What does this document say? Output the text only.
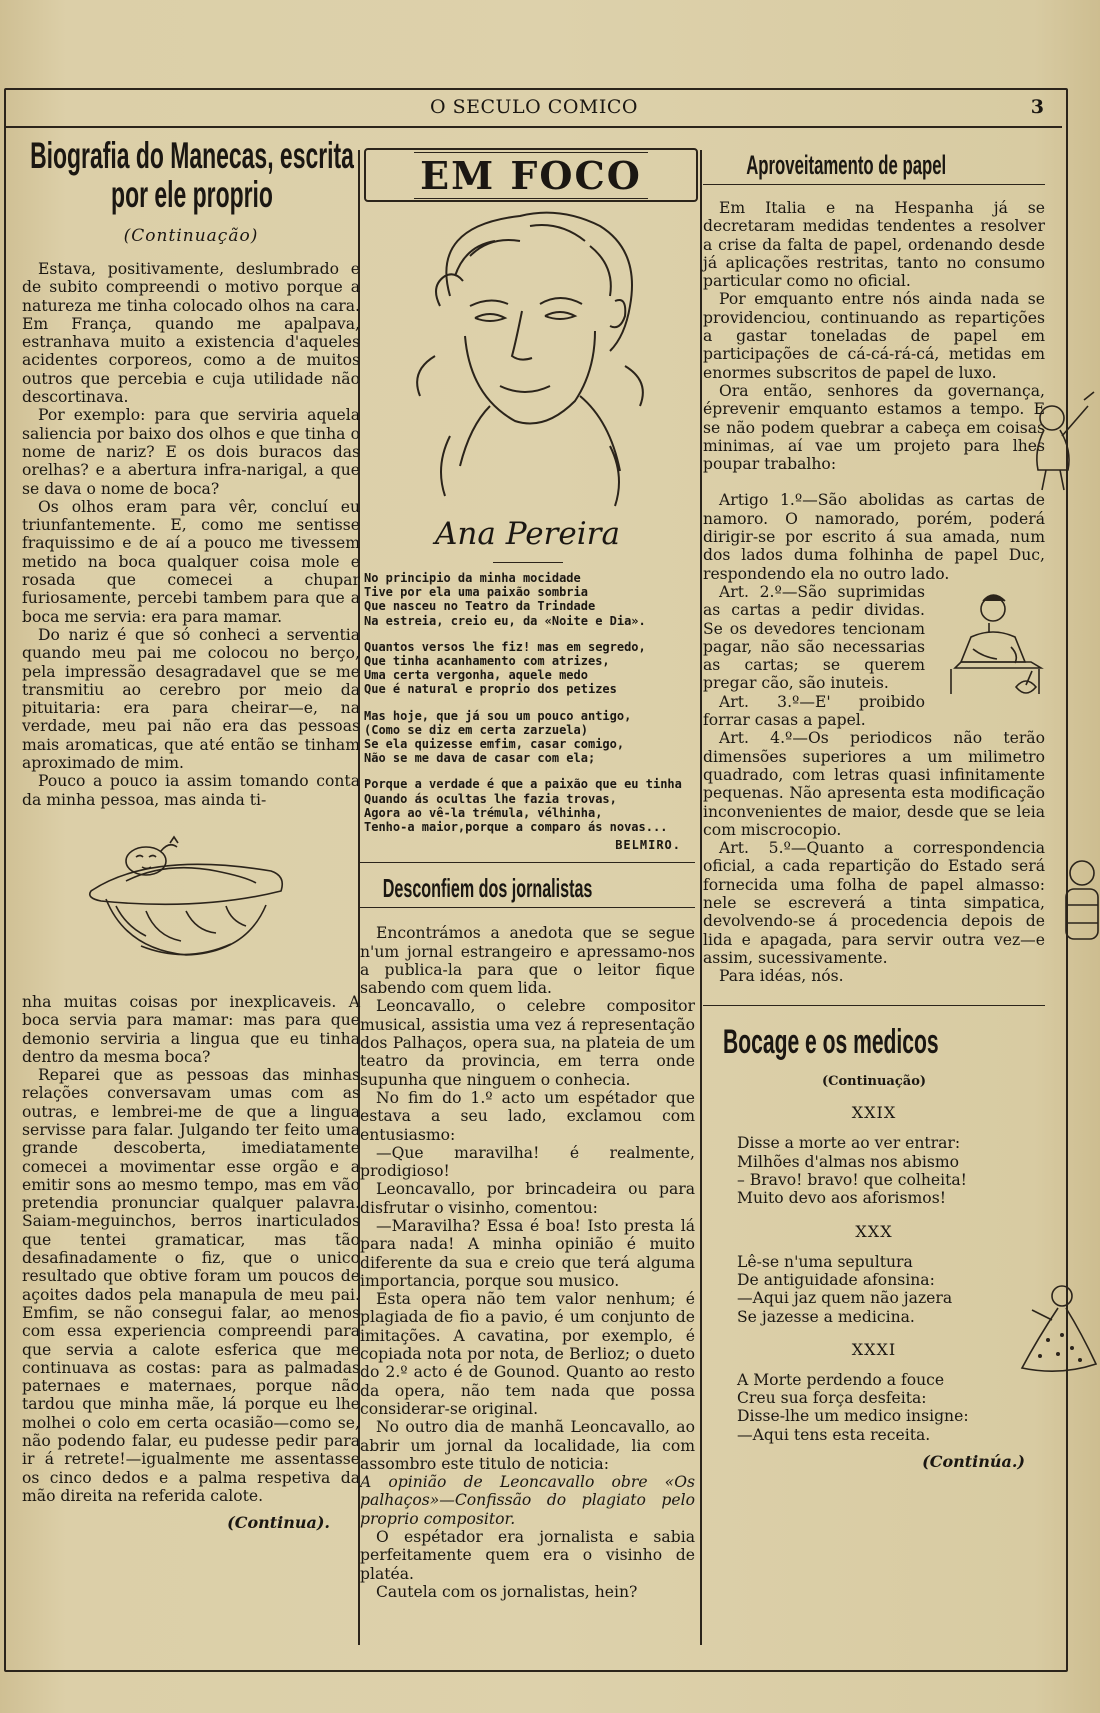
O SECULO COMICO	3
Biografia do Manecas, escrita por ele proprio
(Continuação)

Estava, positivamente, deslumbrado e de subito compreendi o motivo porque a natureza me tinha colocado olhos na cara. Em França, quando me apalpava, estranhava muito a existencia d'aqueles acidentes corporeos, como a de muitos outros que percebia e cuja utilidade não descortinava.

Por exemplo: para que serviria aquela saliencia por baixo dos olhos e que tinha o nome de nariz? E os dois buracos das orelhas? e a abertura infra-narigal, a que se dava o nome de boca?

Os olhos eram para vêr, concluí eu triunfantemente. E, como me sentisse fraquissimo e de aí a pouco me tivessem metido na boca qualquer coisa mole e rosada que comecei a chupar furiosamente, percebi tambem para que a boca me servia: era para mamar.

Do nariz é que só conheci a serventia quando meu pai me colocou no berço, pela impressão desagradavel que se me transmitiu ao cerebro por meio da pituitaria: era para cheirar—e, na verdade, meu pai não era das pessoas mais aromaticas, que até então se tinham aproximado de mim.

Pouco a pouco ia assim tomando conta da minha pessoa, mas ainda ti-

nha muitas coisas por inexplicaveis. A boca servia para mamar: mas para que demonio serviria a lingua que eu tinha dentro da mesma boca?

Reparei que as pessoas das minhas relações conversavam umas com as outras, e lembrei-me de que a lingua servisse para falar. Julgando ter feito uma grande descoberta, imediatamente comecei a movimentar esse orgão e a emitir sons ao mesmo tempo, mas em vão pretendia pronunciar qualquer palavra. Saiam-meguinchos, berros inarticulados que tentei gramaticar, mas tão desafinadamente o fiz, que o unico resultado que obtive foram um poucos de açoites dados pela manapula de meu pai. Emfim, se não consegui falar, ao menos com essa experiencia compreendi para que servia a calote esferica que me continuava as costas: para as palmadas paternaes e maternaes, porque não tardou que minha mãe, lá porque eu lhe molhei o colo em certa ocasião—como se, não podendo falar, eu pudesse pedir para ir á retrete!—igualmente me assentasse os cinco dedos e a palma respetiva da mão direita na referida calote.

(Continua).
EM FOCO
Ana Pereira
No principio da minha mocidade
Tive por ela uma paixão sombria
Que nasceu no Teatro da Trindade
Na estreia, creio eu, da «Noite e Dia».
Quantos versos lhe fiz! mas em segredo,
Que tinha acanhamento com atrizes,
Uma certa vergonha, aquele medo
Que é natural e proprio dos petizes
Mas hoje, que já sou um pouco antigo,
(Como se diz em certa zarzuela)
Se ela quizesse emfim, casar comigo,
Não se me dava de casar com ela;
Porque a verdade é que a paixão que eu tinha
Quando ás ocultas lhe fazia trovas,
Agora ao vê-la trémula, vélhinha,
Tenho-a maior,porque a comparo ás novas...
BELMIRO.
Desconfiem dos jornalistas

Encontrámos a anedota que se segue n'um jornal estrangeiro e apressamo-nos a publica-la para que o leitor fique sabendo com quem lida.

Leoncavallo, o celebre compositor musical, assistia uma vez á representação dos Palhaços, opera sua, na plateia de um teatro da provincia, em terra onde supunha que ninguem o conhecia.

No fim do 1.º acto um espétador que estava a seu lado, exclamou com entusiasmo:

—Que maravilha! é realmente, prodigioso!

Leoncavallo, por brincadeira ou para disfrutar o visinho, comentou:

—Maravilha? Essa é boa! Isto presta lá para nada! A minha opinião é muito diferente da sua e creio que terá alguma importancia, porque sou musico.

Esta opera não tem valor nenhum; é plagiada de fio a pavio, é um conjunto de imitações. A cavatina, por exemplo, é copiada nota por nota, de Berlioz; o dueto do 2.º acto é de Gounod. Quanto ao resto da opera, não tem nada que possa considerar-se original.

No outro dia de manhã Leoncavallo, ao abrir um jornal da localidade, lia com assombro este titulo de noticia:

A opinião de Leoncavallo obre «Os palhaços»—Confissão do plagiato pelo proprio compositor.

O espétador era jornalista e sabia perfeitamente quem era o visinho de platéa.

Cautela com os jornalistas, hein?

Aproveitamento de papel

Em Italia e na Hespanha já se decretaram medidas tendentes a resolver a crise da falta de papel, ordenando desde já aplicações restritas, tanto no consumo particular como no oficial.

Por emquanto entre nós ainda nada se providenciou, continuando as repartições a gastar toneladas de papel em participações de cá-cá-rá-cá, metidas em enormes subscritos de papel de luxo.

Ora então, senhores da governança, éprevenir emquanto estamos a tempo. E se não podem quebrar a cabeça em coisas minimas, aí vae um projeto para lhes poupar trabalho:

Artigo 1.º—São abolidas as cartas de namoro. O namorado, porém, poderá dirigir-se por escrito á sua amada, num dos lados duma folhinha de papel Duc, respondendo ela no outro lado.

Art. 2.º—São suprimidas as cartas a pedir dividas. Se os devedores tencionam pagar, não são necessarias as cartas; se querem pregar cão, são inuteis.

Art. 3.º—E' proibido forrar casas a papel.

Art. 4.º—Os periodicos não terão dimensões superiores a um milimetro quadrado, com letras quasi infinitamente pequenas. Não apresenta esta modificação inconvenientes de maior, desde que se leia com miscrocopio.

Art. 5.º—Quanto a correspondencia oficial, a cada repartição do Estado será fornecida uma folha de papel almasso: nele se escreverá a tinta simpatica, devolvendo-se á procedencia depois de lida e apagada, para servir outra vez—e assim, sucessivamente.

Para idéas, nós.

Bocage e os medicos
(Continuação)
XXIX
Disse a morte ao ver entrar:
Milhões d'almas nos abismo
– Bravo! bravo! que colheita!
Muito devo aos aforismos!
XXX
Lê-se n'uma sepultura
De antiguidade afonsina:
—Aqui jaz quem não jazera
Se jazesse a medicina.
XXXI
A Morte perdendo a fouce
Creu sua força desfeita:
Disse-lhe um medico insigne:
—Aqui tens esta receita.
(Continúa.)
